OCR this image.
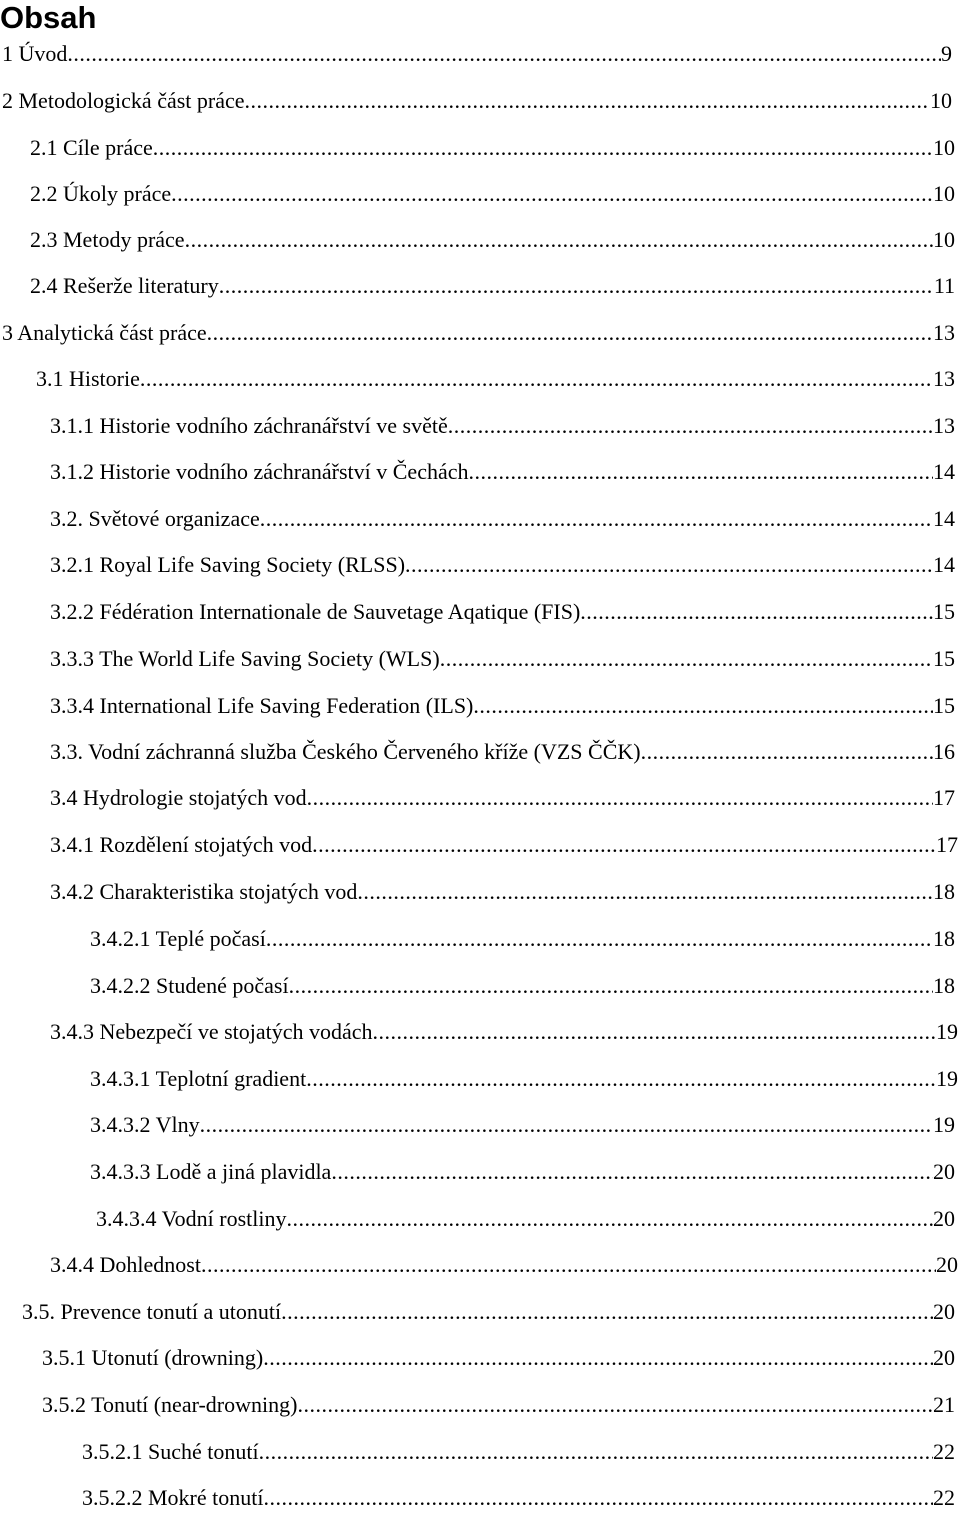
Obsah
1 Úvod .....	9
2 Metodologická část práce .....	10
2.1 Cíle práce .....	10
2.2 Úkoly práce .....	10
2.3 Metody práce .....	10
2.4 Rešerže literatury .....	11
3 Analytická část práce .....	13
3.1 Historie .....	13
3.1.1 Historie vodního záchranářství ve světě .....	13
3.1.2 Historie vodního záchranářství v Čechách .....	14
3.2. Světové organizace .....	14
3.2.1 Royal Life Saving Society (RLSS) .....	14
3.2.2 Fédération Internationale de Sauvetage Aqatique (FIS) .....	15
3.3.3 The World Life Saving Society (WLS) .....	15
3.3.4 International Life Saving Federation (ILS) .....	15
3.3. Vodní záchranná služba Českého Červeného kříže (VZS ČČK) .....	16
3.4 Hydrologie stojatých vod .....	17
3.4.1 Rozdělení stojatých vod .....	17
3.4.2 Charakteristika stojatých vod .....	18
3.4.2.1 Teplé počasí .....	18
3.4.2.2 Studené počasí .....	18
3.4.3 Nebezpečí ve stojatých vodách .....	19
3.4.3.1 Teplotní gradient .....	19
3.4.3.2 Vlny .....	19
3.4.3.3 Lodě a jiná plavidla .....	20
3.4.3.4 Vodní rostliny .....	20
3.4.4 Dohlednost .....	20
3.5. Prevence tonutí a utonutí .....	20
3.5.1 Utonutí (drowning) .....	20
3.5.2 Tonutí (near-drowning) .....	21
3.5.2.1 Suché tonutí .....	22
3.5.2.2 Mokré tonutí .....	22
